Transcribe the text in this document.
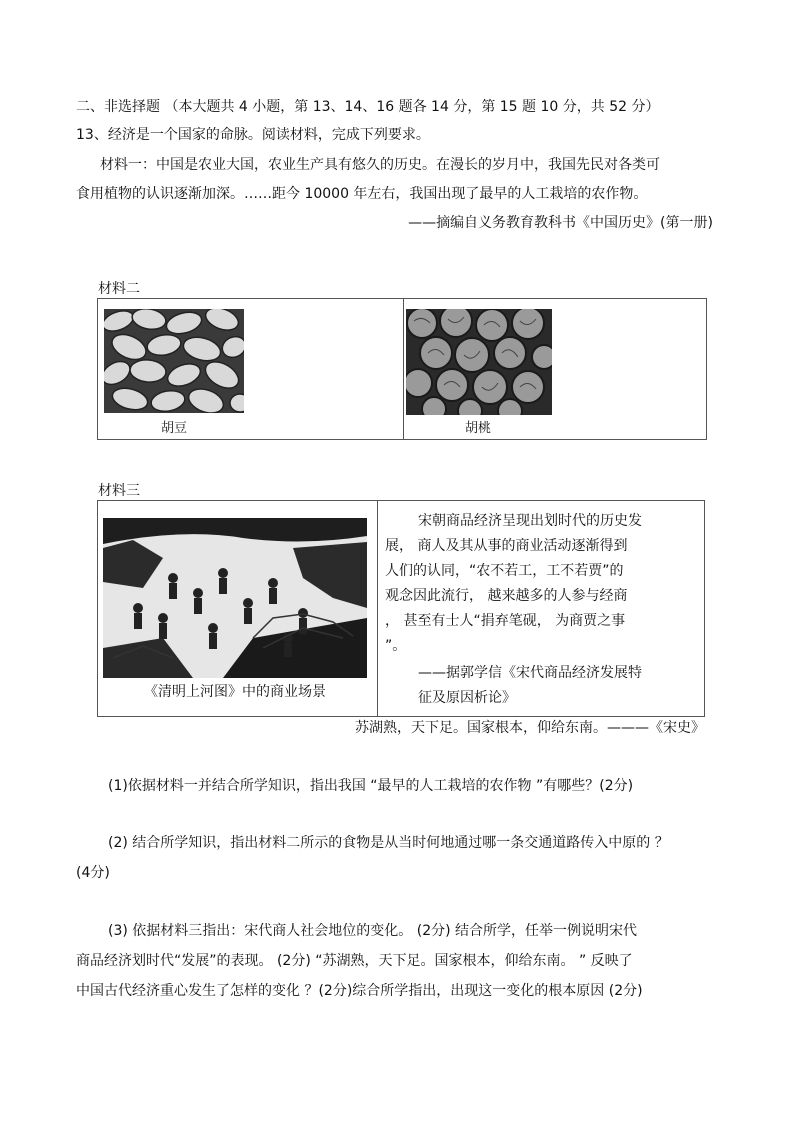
二、非选择题 （本大题共 4 小题，第 13、14、16 题各 14 分，第 15 题 10 分，共 52 分）
13、经济是一个国家的命脉。阅读材料，完成下列要求。
材料一：中国是农业大国，农业生产具有悠久的历史。在漫长的岁月中，我国先民对各类可
食用植物的认识逐渐加深。……距今 10000 年左右，我国出现了最早的人工栽培的农作物。
——摘编自义务教育教科书《中国历史》(第一册)
材料二
胡豆	胡桃
材料三
《清明上河图》中的商业场景
宋朝商品经济呈现出划时代的历史发
展， 商人及其从事的商业活动逐渐得到
人们的认同，“农不若工，工不若贾”的
观念因此流行， 越来越多的人参与经商
， 甚至有士人“捐弃笔砚， 为商贾之事
”。
——据郭学信《宋代商品经济发展特
征及原因析论》
苏湖熟，天下足。国家根本，仰给东南。———《宋史》
(1)依据材料一并结合所学知识，指出我国 “最早的人工栽培的农作物 ”有哪些？(2分)
(2) 结合所学知识，指出材料二所示的食物是从当时何地通过哪一条交通道路传入中原的 ？
(4分)
(3) 依据材料三指出：宋代商人社会地位的变化。 (2分) 结合所学，任举一例说明宋代
商品经济划时代“发展”的表现。 (2分) “苏湖熟，天下足。国家根本，仰给东南。 ” 反映了
中国古代经济重心发生了怎样的变化 ？(2分)综合所学指出，出现这一变化的根本原因 (2分)
